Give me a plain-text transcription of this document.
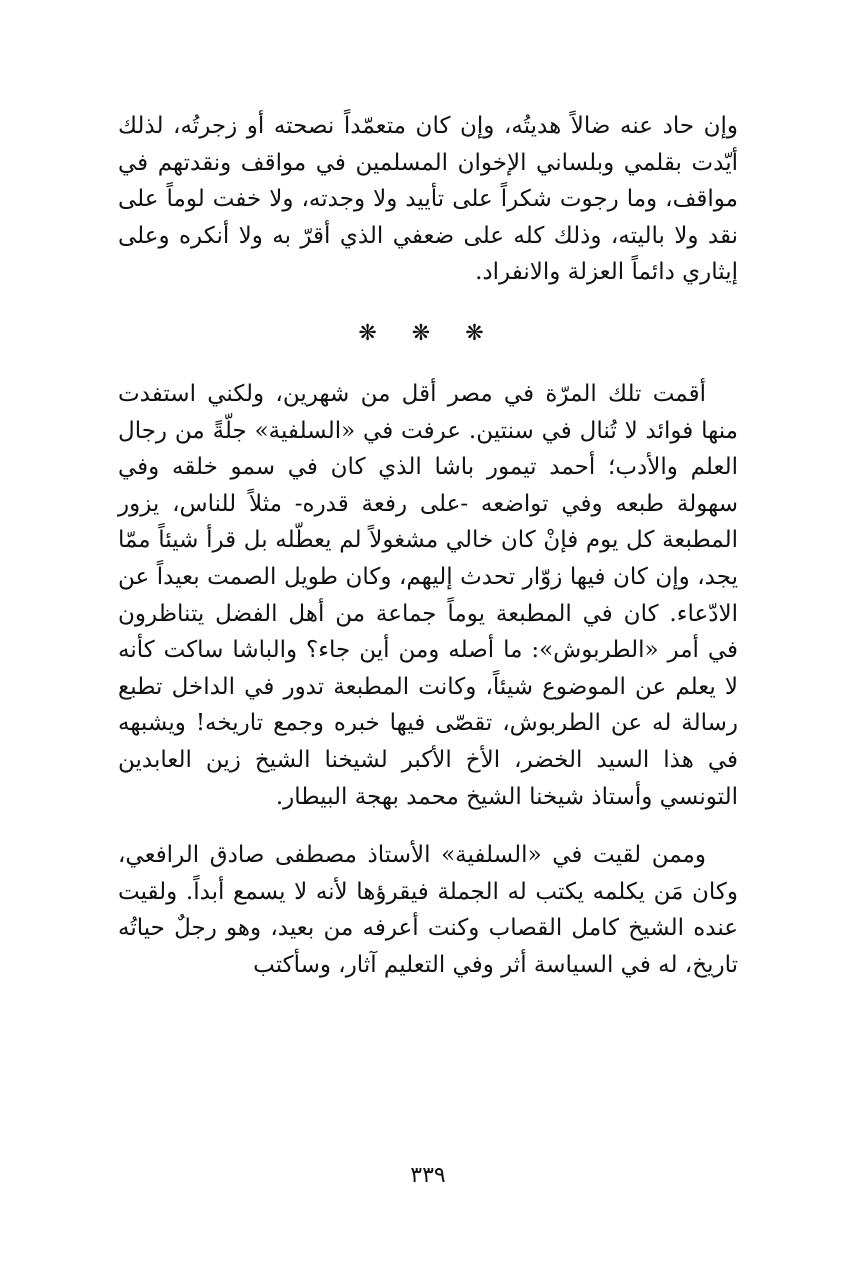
وإن حاد عنه ضالاً هديتُه، وإن كان متعمّداً نصحته أو زجرتُه، لذلك أيّدت بقلمي وبلساني الإخوان المسلمين في مواقف ونقدتهم في مواقف، وما رجوت شكراً على تأييد ولا وجدته، ولا خفت لوماً على نقد ولا باليته، وذلك كله على ضعفي الذي أقرّ به ولا أنكره وعلى إيثاري دائماً العزلة والانفراد.

❋ ❋ ❋

أقمت تلك المرّة في مصر أقل من شهرين، ولكني استفدت منها فوائد لا تُنال في سنتين. عرفت في «السلفية» جلّةً من رجال العلم والأدب؛ أحمد تيمور باشا الذي كان في سمو خلقه وفي سهولة طبعه وفي تواضعه -على رفعة قدره- مثلاً للناس، يزور المطبعة كل يوم فإنْ كان خالي مشغولاً لم يعطّله بل قرأ شيئاً ممّا يجد، وإن كان فيها زوّار تحدث إليهم، وكان طويل الصمت بعيداً عن الادّعاء. كان في المطبعة يوماً جماعة من أهل الفضل يتناظرون في أمر «الطربوش»: ما أصله ومن أين جاء؟ والباشا ساكت كأنه لا يعلم عن الموضوع شيئاً، وكانت المطبعة تدور في الداخل تطبع رسالة له عن الطربوش، تقصّى فيها خبره وجمع تاريخه! ويشبهه في هذا السيد الخضر، الأخ الأكبر لشيخنا الشيخ زين العابدين التونسي وأستاذ شيخنا الشيخ محمد بهجة البيطار.

وممن لقيت في «السلفية» الأستاذ مصطفى صادق الرافعي، وكان مَن يكلمه يكتب له الجملة فيقرؤها لأنه لا يسمع أبداً. ولقيت عنده الشيخ كامل القصاب وكنت أعرفه من بعيد، وهو رجلٌ حياتُه تاريخ، له في السياسة أثر وفي التعليم آثار، وسأكتب

٣٣٩
